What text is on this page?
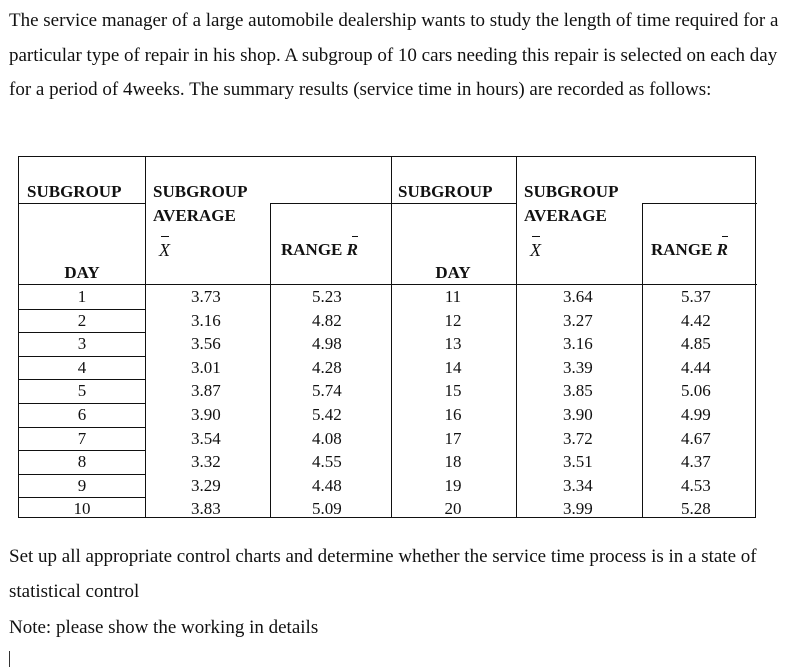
The service manager of a large automobile dealership wants to study the length of time required for a particular type of repair in his shop. A subgroup of 10 cars needing this repair is selected on each day for a period of 4weeks. The summary results (service time in hours) are recorded as follows:

SUBGROUP SUBGROUP
AVERAGE
X	RANGE R
DAY
SUBGROUP SUBGROUP
AVERAGE
X	RANGE R
DAY
1
2
3
4
5
6
7
8
9
10
3.73
3.16
3.56
3.01
3.87
3.90
3.54
3.32
3.29
3.83
5.23
4.82
4.98
4.28
5.74
5.42
4.08
4.55
4.48
5.09
11
12
13
14
15
16
17
18
19
20
3.64
3.27
3.16
3.39
3.85
3.90
3.72
3.51
3.34
3.99
5.37
4.42
4.85
4.44
5.06
4.99
4.67
4.37
4.53
5.28

Set up all appropriate control charts and determine whether the service time process is in a state of statistical control

Note: please show the working in details
